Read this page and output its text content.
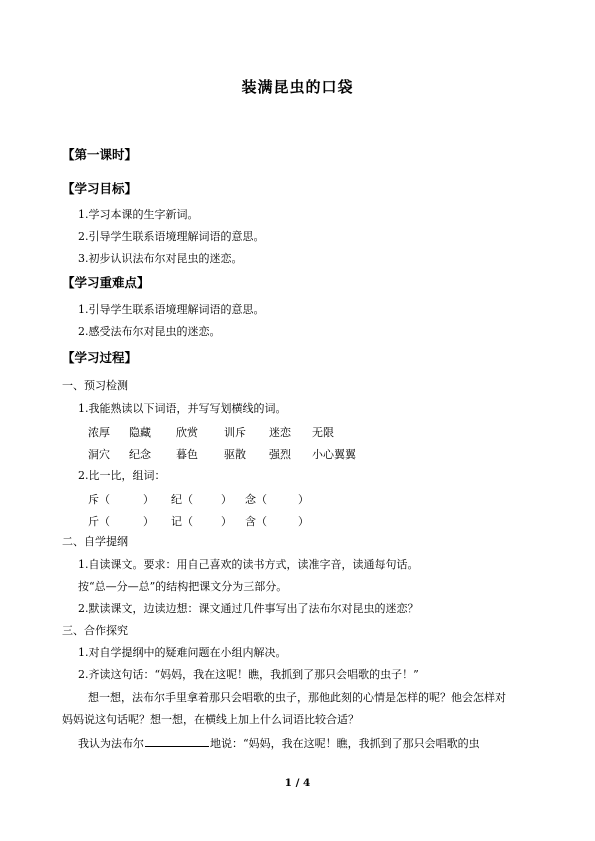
装满昆虫的口袋
【第一课时】
【学习目标】
1.学习本课的生字新词。
2.引导学生联系语境理解词语的意思。
3.初步认识法布尔对昆虫的迷恋。
【学习重难点】
1.引导学生联系语境理解词语的意思。
2.感受法布尔对昆虫的迷恋。
【学习过程】
一、预习检测
1.我能熟读以下词语，并写写划横线的词。
浓厚 隐藏 欣赏 训斥 迷恋 无限
洞穴 纪念 暮色 驱散 强烈 小心翼翼
2.比一比，组词：
斥（	） 纪（	） 念（	）
斤（	） 记（	） 含（	）
二、自学提纲
1.自读课文。要求：用自己喜欢的读书方式，读准字音，读通每句话。
按“总—分—总”的结构把课文分为三部分。
2.默读课文，边读边想：课文通过几件事写出了法布尔对昆虫的迷恋？
三、合作探究
1.对自学提纲中的疑难问题在小组内解决。
2.齐读这句话：“妈妈，我在这呢！瞧，我抓到了那只会唱歌的虫子！”
想一想，法布尔手里拿着那只会唱歌的虫子，那他此刻的心情是怎样的呢？他会怎样对
妈妈说这句话呢？想一想，在横线上加上什么词语比较合适？
我认为法布尔	地说：“妈妈，我在这呢！瞧，我抓到了那只会唱歌的虫
1 / 4
